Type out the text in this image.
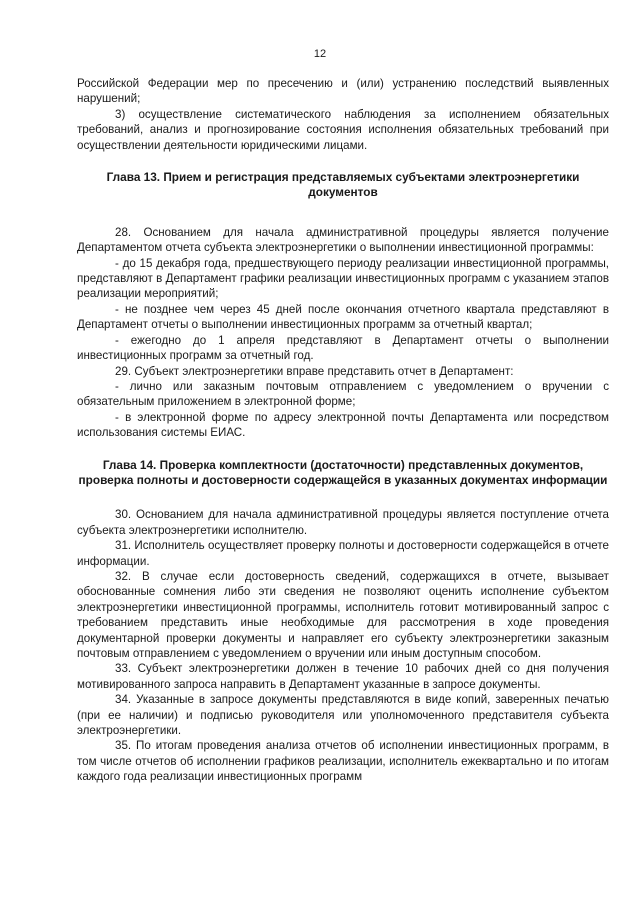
12

Российской Федерации мер по пресечению и (или) устранению последствий выявленных нарушений;

3) осуществление систематического наблюдения за исполнением обязательных требований, анализ и прогнозирование состояния исполнения обязательных требований при осуществлении деятельности юридическими лицами.

Глава 13. Прием и регистрация представляемых субъектами электроэнергетики документов

28. Основанием для начала административной процедуры является получение Департаментом отчета субъекта электроэнергетики о выполнении инвестиционной программы:

- до 15 декабря года, предшествующего периоду реализации инвестиционной программы, представляют в Департамент графики реализации инвестиционных программ с указанием этапов реализации мероприятий;

- не позднее чем через 45 дней после окончания отчетного квартала представляют в Департамент отчеты о выполнении инвестиционных программ за отчетный квартал;

- ежегодно до 1 апреля представляют в Департамент отчеты о выполнении инвестиционных программ за отчетный год.

29. Субъект электроэнергетики вправе представить отчет в Департамент:

- лично или заказным почтовым отправлением с уведомлением о вручении с обязательным приложением в электронной форме;

- в электронной форме по адресу электронной почты Департамента или посредством использования системы ЕИАС.

Глава 14. Проверка комплектности (достаточности) представленных документов, проверка полноты и достоверности содержащейся в указанных документах информации

30. Основанием для начала административной процедуры является поступление отчета субъекта электроэнергетики исполнителю.

31. Исполнитель осуществляет проверку полноты и достоверности содержащейся в отчете информации.

32. В случае если достоверность сведений, содержащихся в отчете, вызывает обоснованные сомнения либо эти сведения не позволяют оценить исполнение субъектом электроэнергетики инвестиционной программы, исполнитель готовит мотивированный запрос с требованием представить иные необходимые для рассмотрения в ходе проведения документарной проверки документы и направляет его субъекту электроэнергетики заказным почтовым отправлением с уведомлением о вручении или иным доступным способом.

33. Субъект электроэнергетики должен в течение 10 рабочих дней со дня получения мотивированного запроса направить в Департамент указанные в запросе документы.

34. Указанные в запросе документы представляются в виде копий, заверенных печатью (при ее наличии) и подписью руководителя или уполномоченного представителя субъекта электроэнергетики.

35. По итогам проведения анализа отчетов об исполнении инвестиционных программ, в том числе отчетов об исполнении графиков реализации, исполнитель ежеквартально и по итогам каждого года реализации инвестиционных программ
